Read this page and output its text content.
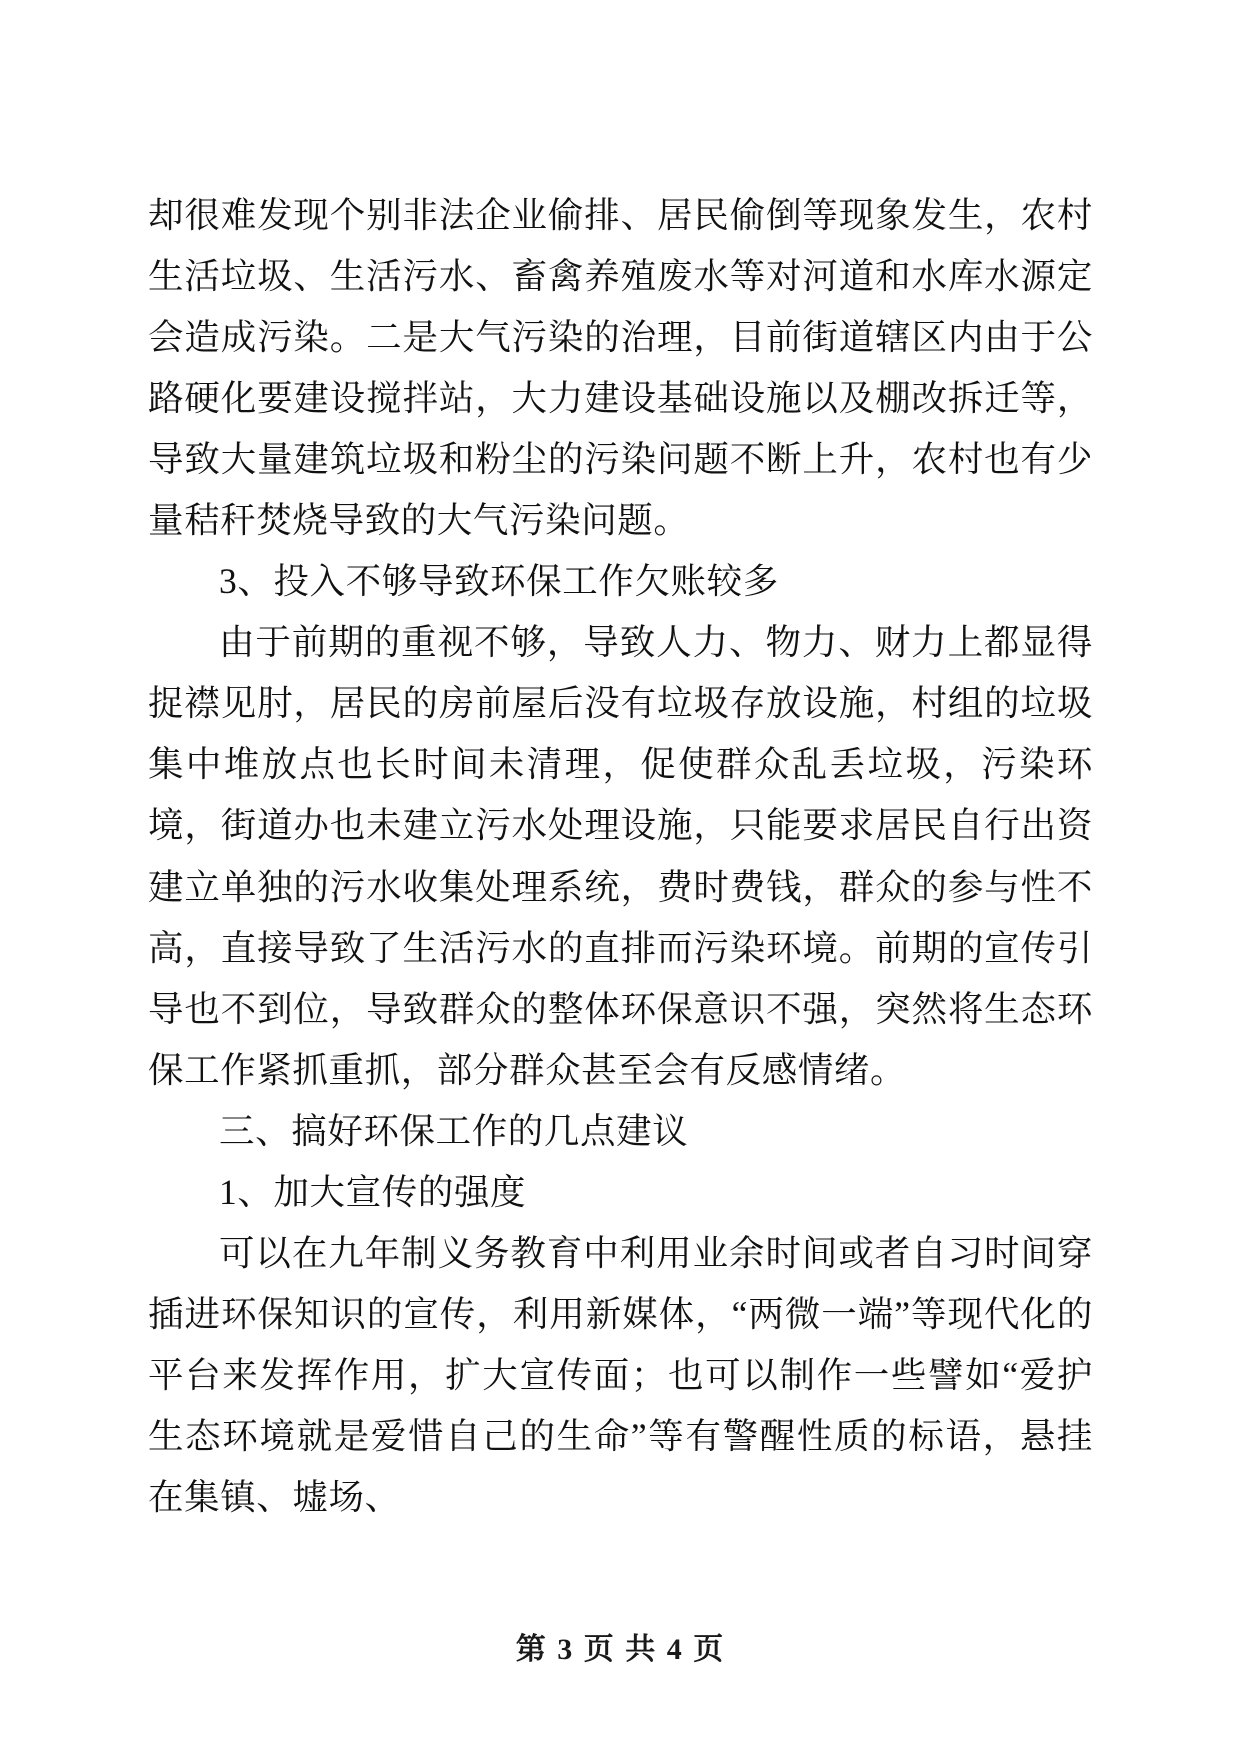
却很难发现个别非法企业偷排、居民偷倒等现象发生，农村生活垃圾、生活污水、畜禽养殖废水等对河道和水库水源定会造成污染。二是大气污染的治理，目前街道辖区内由于公路硬化要建设搅拌站，大力建设基础设施以及棚改拆迁等，导致大量建筑垃圾和粉尘的污染问题不断上升，农村也有少量秸秆焚烧导致的大气污染问题。

3、投入不够导致环保工作欠账较多

由于前期的重视不够，导致人力、物力、财力上都显得捉襟见肘，居民的房前屋后没有垃圾存放设施，村组的垃圾集中堆放点也长时间未清理，促使群众乱丢垃圾，污染环境，街道办也未建立污水处理设施，只能要求居民自行出资建立单独的污水收集处理系统，费时费钱，群众的参与性不高，直接导致了生活污水的直排而污染环境。前期的宣传引导也不到位，导致群众的整体环保意识不强，突然将生态环保工作紧抓重抓，部分群众甚至会有反感情绪。

三、搞好环保工作的几点建议

1、加大宣传的强度

可以在九年制义务教育中利用业余时间或者自习时间穿插进环保知识的宣传，利用新媒体，“两微一端”等现代化的平台来发挥作用，扩大宣传面；也可以制作一些譬如“爱护生态环境就是爱惜自己的生命”等有警醒性质的标语，悬挂在集镇、墟场、

第 3 页 共 4 页
